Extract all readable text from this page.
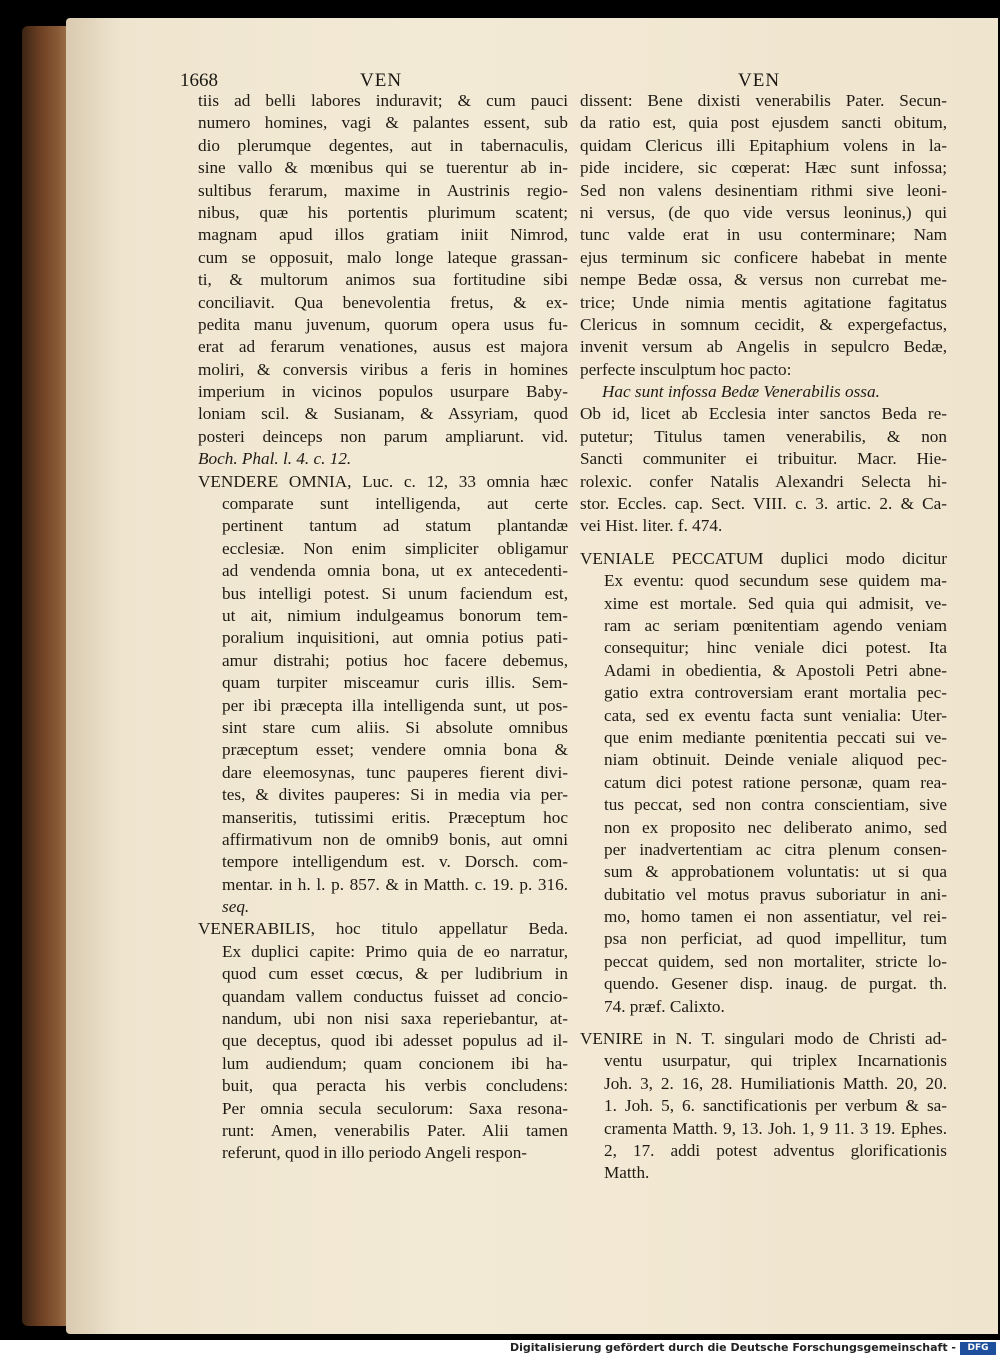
1668	VEN	VEN
tiis ad belli labores induravit; & cum pauci
numero homines, vagi & palantes essent, sub
dio plerumque degentes, aut in tabernaculis,
sine vallo & mœnibus qui se tuerentur ab in-
sultibus ferarum, maxime in Austrinis regio-
nibus, quæ his portentis plurimum scatent;
magnam apud illos gratiam iniit Nimrod,
cum se opposuit, malo longe lateque grassan-
ti, & multorum animos sua fortitudine sibi
conciliavit. Qua benevolentia fretus, & ex-
pedita manu juvenum, quorum opera usus fu-
erat ad ferarum venationes, ausus est majora
moliri, & conversis viribus a feris in homines
imperium in vicinos populos usurpare Baby-
loniam scil. & Susianam, & Assyriam, quod
posteri deinceps non parum ampliarunt. vid.
Boch. Phal. l. 4. c. 12.
VENDERE OMNIA, Luc. c. 12, 33 omnia hæc
comparate sunt intelligenda, aut certe
pertinent tantum ad statum plantandæ
ecclesiæ. Non enim simpliciter obligamur
ad vendenda omnia bona, ut ex antecedenti-
bus intelligi potest. Si unum faciendum est,
ut ait, nimium indulgeamus bonorum tem-
poralium inquisitioni, aut omnia potius pati-
amur distrahi; potius hoc facere debemus,
quam turpiter misceamur curis illis. Sem-
per ibi præcepta illa intelligenda sunt, ut pos-
sint stare cum aliis. Si absolute omnibus
præceptum esset; vendere omnia bona &
dare eleemosynas, tunc pauperes fierent divi-
tes, & divites pauperes: Si in media via per-
manseritis, tutissimi eritis. Præceptum hoc
affirmativum non de omnib9 bonis, aut omni
tempore intelligendum est. v. Dorsch. com-
mentar. in h. l. p. 857. & in Matth. c. 19. p. 316.
seq.
VENERABILIS, hoc titulo appellatur Beda.
Ex duplici capite: Primo quia de eo narratur,
quod cum esset cœcus, & per ludibrium in
quandam vallem conductus fuisset ad concio-
nandum, ubi non nisi saxa reperiebantur, at-
que deceptus, quod ibi adesset populus ad il-
lum audiendum; quam concionem ibi ha-
buit, qua peracta his verbis concludens:
Per omnia secula seculorum: Saxa resona-
runt: Amen, venerabilis Pater. Alii tamen
referunt, quod in illo periodo Angeli respon-
dissent: Bene dixisti venerabilis Pater. Secun-
da ratio est, quia post ejusdem sancti obitum,
quidam Clericus illi Epitaphium volens in la-
pide incidere, sic cœperat: Hæc sunt infossa;
Sed non valens desinentiam rithmi sive leoni-
ni versus, (de quo vide versus leoninus,) qui
tunc valde erat in usu conterminare; Nam
ejus terminum sic conficere habebat in mente
nempe Bedæ ossa, & versus non currebat me-
trice; Unde nimia mentis agitatione fagitatus
Clericus in somnum cecidit, & expergefactus,
invenit versum ab Angelis in sepulcro Bedæ,
perfecte insculptum hoc pacto:
Hac sunt infossa Bedæ Venerabilis ossa.
Ob id, licet ab Ecclesia inter sanctos Beda re-
putetur; Titulus tamen venerabilis, & non
Sancti communiter ei tribuitur. Macr. Hie-
rolexic. confer Natalis Alexandri Selecta hi-
stor. Eccles. cap. Sect. VIII. c. 3. artic. 2. & Ca-
vei Hist. liter. f. 474.
VENIALE PECCATUM duplici modo dicitur
Ex eventu: quod secundum sese quidem ma-
xime est mortale. Sed quia qui admisit, ve-
ram ac seriam pœnitentiam agendo veniam
consequitur; hinc veniale dici potest. Ita
Adami in obedientia, & Apostoli Petri abne-
gatio extra controversiam erant mortalia pec-
cata, sed ex eventu facta sunt venialia: Uter-
que enim mediante pœnitentia peccati sui ve-
niam obtinuit. Deinde veniale aliquod pec-
catum dici potest ratione personæ, quam rea-
tus peccat, sed non contra conscientiam, sive
non ex proposito nec deliberato animo, sed
per inadvertentiam ac citra plenum consen-
sum & approbationem voluntatis: ut si qua
dubitatio vel motus pravus suboriatur in ani-
mo, homo tamen ei non assentiatur, vel rei-
psa non perficiat, ad quod impellitur, tum
peccat quidem, sed non mortaliter, stricte lo-
quendo. Gesener disp. inaug. de purgat. th.
74. præf. Calixto.
VENIRE in N. T. singulari modo de Christi ad-
ventu usurpatur, qui triplex Incarnationis
Joh. 3, 2. 16, 28. Humiliationis Matth. 20, 20.
1. Joh. 5, 6. sanctificationis per verbum & sa-
cramenta Matth. 9, 13. Joh. 1, 9 11. 3 19. Ephes.
2, 17. addi potest adventus glorificationis
Matth.
Digitalisierung gefördert durch die Deutsche Forschungsgemeinschaft -	DFG
